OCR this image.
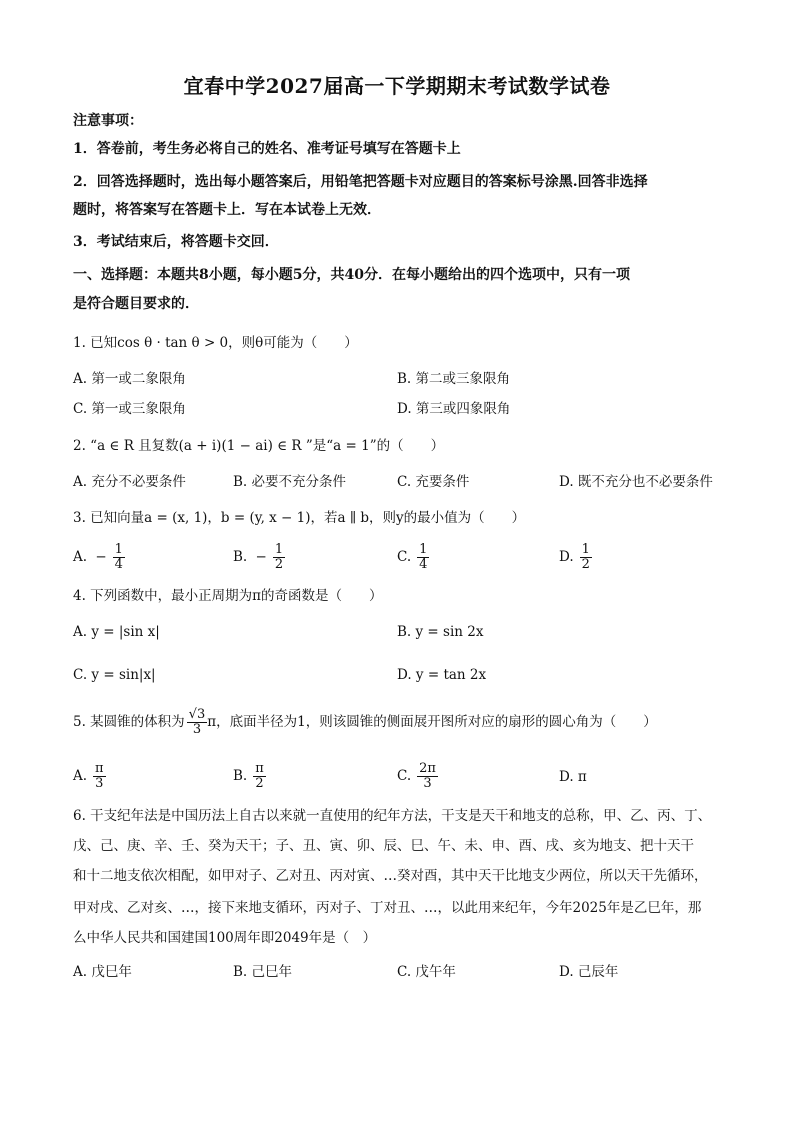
宜春中学2027届高一下学期期末考试数学试卷
注意事项：
1．答卷前，考生务必将自己的姓名、准考证号填写在答题卡上
2．回答选择题时，选出每小题答案后，用铅笔把答题卡对应题目的答案标号涂黑.回答非选择
题时，将答案写在答题卡上．写在本试卷上无效．
3．考试结束后，将答题卡交回．
一、选择题：本题共8小题，每小题5分，共40分．在每小题给出的四个选项中，只有一项
是符合题目要求的．
1. 已知cos θ · tan θ > 0，则θ可能为（　　）
A. 第一或二象限角	B. 第二或三象限角
C. 第一或三象限角	D. 第三或四象限角
2. “a ∈ R 且复数(a + i)(1 − ai) ∈ R ”是“a = 1”的（　　）
A. 充分不必要条件	B. 必要不充分条件	C. 充要条件	D. 既不充分也不必要条件
3. 已知向量a = (x, 1)，b = (y, x − 1)，若a ∥ b，则y的最小值为（　　）
A. − $\frac{1}{4}$	B. − $\frac{1}{2}$	C. $\frac{1}{4}$	D. $\frac{1}{2}$
4. 下列函数中，最小正周期为π的奇函数是（　　）
A. y = |sin x|	B. y = sin 2x
C. y = sin|x|	D. y = tan 2x
5. 某圆锥的体积为 $\frac{√3}{3}$ π，底面半径为1，则该圆锥的侧面展开图所对应的扇形的圆心角为（　　）
A. $\frac{\pi}{3}$	B. $\frac{\pi}{2}$	C. $\frac{2\pi}{3}$	D. π
6. 干支纪年法是中国历法上自古以来就一直使用的纪年方法，干支是天干和地支的总称，甲、乙、丙、丁、
戊、己、庚、辛、壬、癸为天干；子、丑、寅、卯、辰、巳、午、未、申、酉、戌、亥为地支、把十天干
和十二地支依次相配，如甲对子、乙对丑、丙对寅、…癸对酉，其中天干比地支少两位，所以天干先循环，
甲对戌、乙对亥、…，接下来地支循环，丙对子、丁对丑、…，以此用来纪年，今年2025年是乙巳年，那
么中华人民共和国建国100周年即2049年是（　）
A. 戊巳年	B. 己巳年	C. 戊午年	D. 己辰年
